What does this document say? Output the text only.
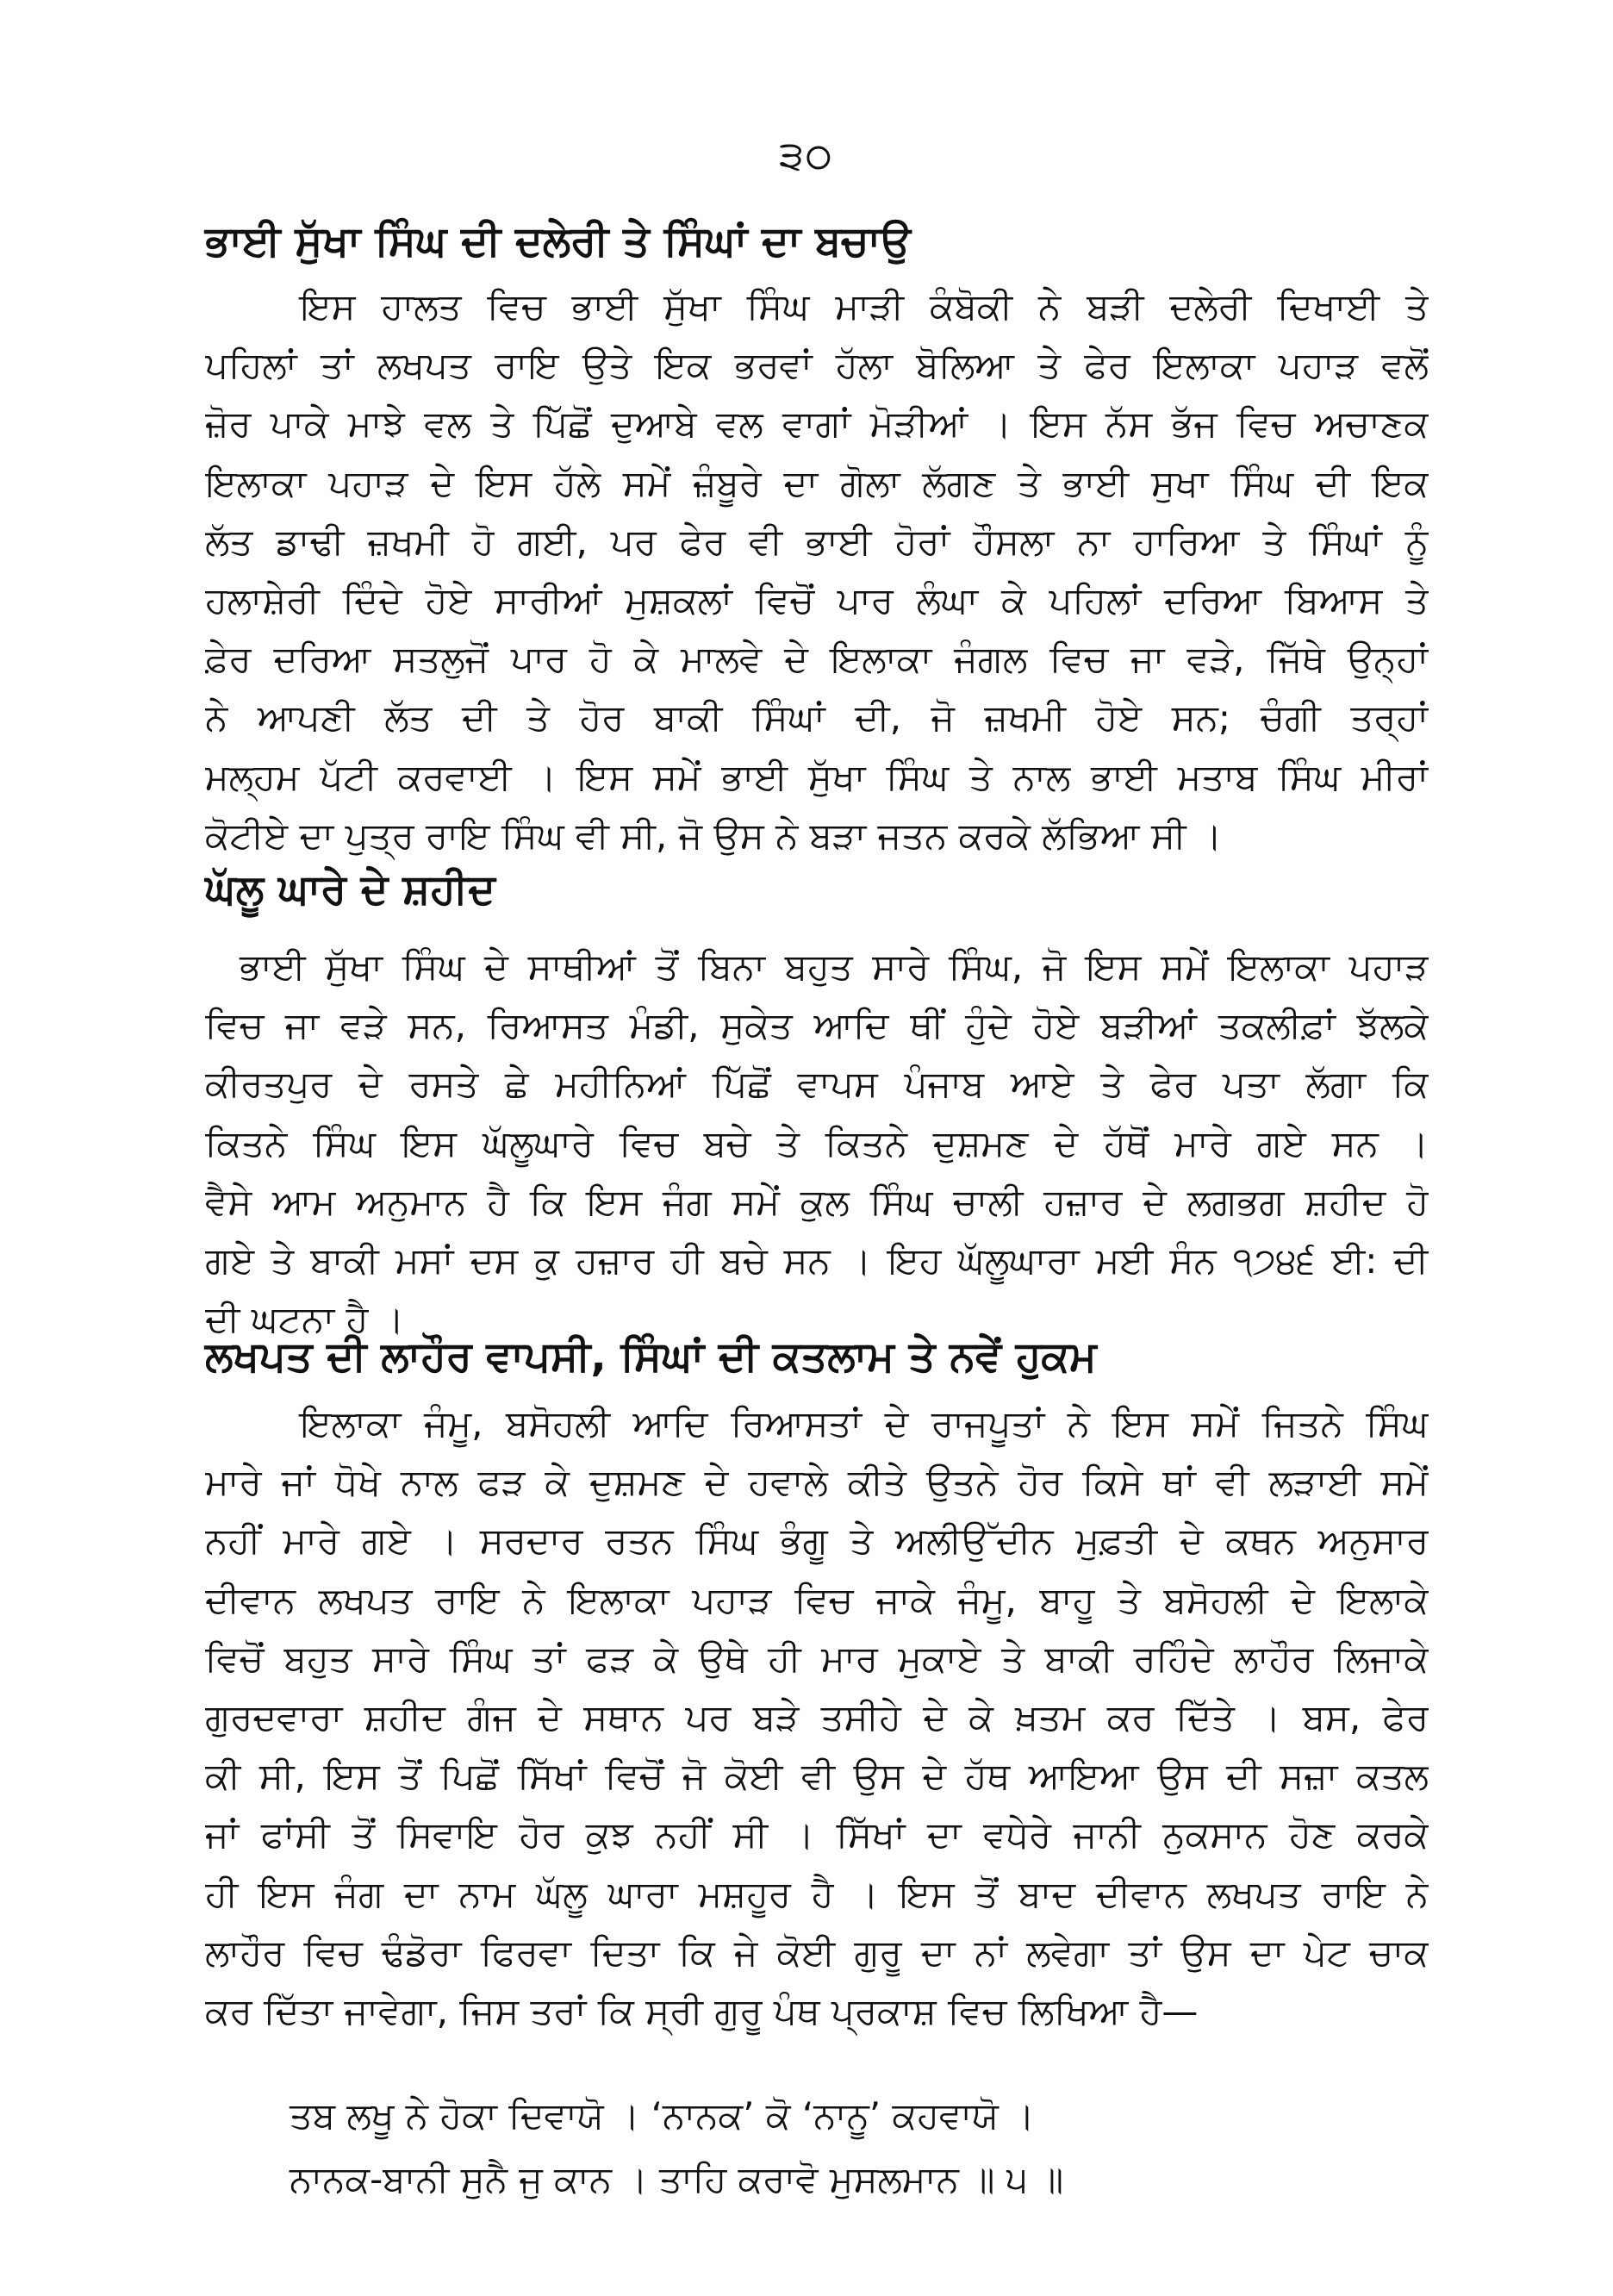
੩੦
ਭਾਈ ਸੁੱਖਾ ਸਿੰਘ ਦੀ ਦਲੇਰੀ ਤੇ ਸਿੰਘਾਂ ਦਾ ਬਚਾਉ
ਇਸ ਹਾਲਤ ਵਿਚ ਭਾਈ ਸੁੱਖਾ ਸਿੰਘ ਮਾੜੀ ਕੰਬੋਕੀ ਨੇ ਬੜੀ ਦਲੇਰੀ ਦਿਖਾਈ ਤੇ
ਪਹਿਲਾਂ ਤਾਂ ਲਖਪਤ ਰਾਇ ਉਤੇ ਇਕ ਭਰਵਾਂ ਹੱਲਾ ਬੋਲਿਆ ਤੇ ਫੇਰ ਇਲਾਕਾ ਪਹਾੜ ਵਲੋਂ
ਜ਼ੋਰ ਪਾਕੇ ਮਾਝੇ ਵਲ ਤੇ ਪਿੱਛੋਂ ਦੁਆਬੇ ਵਲ ਵਾਗਾਂ ਮੋੜੀਆਂ । ਇਸ ਨੱਸ ਭੱਜ ਵਿਚ ਅਚਾਣਕ
ਇਲਾਕਾ ਪਹਾੜ ਦੇ ਇਸ ਹੱਲੇ ਸਮੇਂ ਜ਼ੰਬੂਰੇ ਦਾ ਗੋਲਾ ਲੱਗਣ ਤੇ ਭਾਈ ਸੁਖਾ ਸਿੰਘ ਦੀ ਇਕ
ਲੱਤ ਡਾਢੀ ਜ਼ਖਮੀ ਹੋ ਗਈ, ਪਰ ਫੇਰ ਵੀ ਭਾਈ ਹੋਰਾਂ ਹੌਸਲਾ ਨਾ ਹਾਰਿਆ ਤੇ ਸਿੰਘਾਂ ਨੂੰ
ਹਲਾਸ਼ੇਰੀ ਦਿੰਦੇ ਹੋਏ ਸਾਰੀਆਂ ਮੁਸ਼ਕਲਾਂ ਵਿਚੋਂ ਪਾਰ ਲੰਘਾ ਕੇ ਪਹਿਲਾਂ ਦਰਿਆ ਬਿਆਸ ਤੇ
ਫ਼ੇਰ ਦਰਿਆ ਸਤਲੁਜੋਂ ਪਾਰ ਹੋ ਕੇ ਮਾਲਵੇ ਦੇ ਇਲਾਕਾ ਜੰਗਲ ਵਿਚ ਜਾ ਵੜੇ, ਜਿੱਥੇ ਉਨ੍ਹਾਂ
ਨੇ ਆਪਣੀ ਲੱਤ ਦੀ ਤੇ ਹੋਰ ਬਾਕੀ ਸਿੰਘਾਂ ਦੀ, ਜੋ ਜ਼ਖਮੀ ਹੋਏ ਸਨ; ਚੰਗੀ ਤਰ੍ਹਾਂ
ਮਲ੍ਹਮ ਪੱਟੀ ਕਰਵਾਈ । ਇਸ ਸਮੇਂ ਭਾਈ ਸੁੱਖਾ ਸਿੰਘ ਤੇ ਨਾਲ ਭਾਈ ਮਤਾਬ ਸਿੰਘ ਮੀਰਾਂ
ਕੋਟੀਏ ਦਾ ਪੁਤ੍ਰ ਰਾਇ ਸਿੰਘ ਵੀ ਸੀ, ਜੋ ਉਸ ਨੇ ਬੜਾ ਜਤਨ ਕਰਕੇ ਲੱਭਿਆ ਸੀ ।
ਘੱਲੂ ਘਾਰੇ ਦੇ ਸ਼ਹੀਦ
ਭਾਈ ਸੁੱਖਾ ਸਿੰਘ ਦੇ ਸਾਥੀਆਂ ਤੋਂ ਬਿਨਾ ਬਹੁਤ ਸਾਰੇ ਸਿੰਘ, ਜੋ ਇਸ ਸਮੇਂ ਇਲਾਕਾ ਪਹਾੜ
ਵਿਚ ਜਾ ਵੜੇ ਸਨ, ਰਿਆਸਤ ਮੰਡੀ, ਸੁਕੇਤ ਆਦਿ ਥੀਂ ਹੁੰਦੇ ਹੋਏ ਬੜੀਆਂ ਤਕਲੀਫ਼ਾਂ ਝੱਲਕੇ
ਕੀਰਤਪੁਰ ਦੇ ਰਸਤੇ ਛੇ ਮਹੀਨਿਆਂ ਪਿੱਛੋਂ ਵਾਪਸ ਪੰਜਾਬ ਆਏ ਤੇ ਫੇਰ ਪਤਾ ਲੱਗਾ ਕਿ
ਕਿਤਨੇ ਸਿੰਘ ਇਸ ਘੱਲੂਘਾਰੇ ਵਿਚ ਬਚੇ ਤੇ ਕਿਤਨੇ ਦੁਸ਼ਮਣ ਦੇ ਹੱਥੋਂ ਮਾਰੇ ਗਏ ਸਨ ।
ਵੈਸੇ ਆਮ ਅਨੁਮਾਨ ਹੈ ਕਿ ਇਸ ਜੰਗ ਸਮੇਂ ਕੁਲ ਸਿੰਘ ਚਾਲੀ ਹਜ਼ਾਰ ਦੇ ਲਗਭਗ ਸ਼ਹੀਦ ਹੋ
ਗਏ ਤੇ ਬਾਕੀ ਮਸਾਂ ਦਸ ਕੁ ਹਜ਼ਾਰ ਹੀ ਬਚੇ ਸਨ । ਇਹ ਘੱਲੂਘਾਰਾ ਮਈ ਸੰਨ ੧੭੪੬ ਈ: ਦੀ
ਦੀ ਘਟਨਾ ਹੈ ।
ਲਖਪਤ ਦੀ ਲਾਹੌਰ ਵਾਪਸੀ, ਸਿੰਘਾਂ ਦੀ ਕਤਲਾਮ ਤੇ ਨਵੇਂ ਹੁਕਮ
ਇਲਾਕਾ ਜੰਮੂ, ਬਸੋਹਲੀ ਆਦਿ ਰਿਆਸਤਾਂ ਦੇ ਰਾਜਪੂਤਾਂ ਨੇ ਇਸ ਸਮੇਂ ਜਿਤਨੇ ਸਿੰਘ
ਮਾਰੇ ਜਾਂ ਧੋਖੇ ਨਾਲ ਫੜ ਕੇ ਦੁਸ਼ਮਣ ਦੇ ਹਵਾਲੇ ਕੀਤੇ ਉਤਨੇ ਹੋਰ ਕਿਸੇ ਥਾਂ ਵੀ ਲੜਾਈ ਸਮੇਂ
ਨਹੀਂ ਮਾਰੇ ਗਏ । ਸਰਦਾਰ ਰਤਨ ਸਿੰਘ ਭੰਗੂ ਤੇ ਅਲੀਉੱਦੀਨ ਮੁਫ਼ਤੀ ਦੇ ਕਥਨ ਅਨੁਸਾਰ
ਦੀਵਾਨ ਲਖਪਤ ਰਾਇ ਨੇ ਇਲਾਕਾ ਪਹਾੜ ਵਿਚ ਜਾਕੇ ਜੰਮੂ, ਬਾਹੂ ਤੇ ਬਸੋਹਲੀ ਦੇ ਇਲਾਕੇ
ਵਿਚੋਂ ਬਹੁਤ ਸਾਰੇ ਸਿੰਘ ਤਾਂ ਫੜ ਕੇ ਉਥੇ ਹੀ ਮਾਰ ਮੁਕਾਏ ਤੇ ਬਾਕੀ ਰਹਿੰਦੇ ਲਾਹੌਰ ਲਿਜਾਕੇ
ਗੁਰਦਵਾਰਾ ਸ਼ਹੀਦ ਗੰਜ ਦੇ ਸਥਾਨ ਪਰ ਬੜੇ ਤਸੀਹੇ ਦੇ ਕੇ ਖ਼ਤਮ ਕਰ ਦਿੱਤੇ । ਬਸ, ਫੇਰ
ਕੀ ਸੀ, ਇਸ ਤੋਂ ਪਿਛੋਂ ਸਿੱਖਾਂ ਵਿਚੋਂ ਜੋ ਕੋਈ ਵੀ ਉਸ ਦੇ ਹੱਥ ਆਇਆ ਉਸ ਦੀ ਸਜ਼ਾ ਕਤਲ
ਜਾਂ ਫਾਂਸੀ ਤੋਂ ਸਿਵਾਇ ਹੋਰ ਕੁਝ ਨਹੀਂ ਸੀ । ਸਿੱਖਾਂ ਦਾ ਵਧੇਰੇ ਜਾਨੀ ਨੁਕਸਾਨ ਹੋਣ ਕਰਕੇ
ਹੀ ਇਸ ਜੰਗ ਦਾ ਨਾਮ ਘੱਲੂ ਘਾਰਾ ਮਸ਼ਹੂਰ ਹੈ । ਇਸ ਤੋਂ ਬਾਦ ਦੀਵਾਨ ਲਖਪਤ ਰਾਇ ਨੇ
ਲਾਹੌਰ ਵਿਚ ਢੰਡੋਰਾ ਫਿਰਵਾ ਦਿਤਾ ਕਿ ਜੇ ਕੋਈ ਗੁਰੂ ਦਾ ਨਾਂ ਲਵੇਗਾ ਤਾਂ ਉਸ ਦਾ ਪੇਟ ਚਾਕ
ਕਰ ਦਿੱਤਾ ਜਾਵੇਗਾ, ਜਿਸ ਤਰਾਂ ਕਿ ਸ੍ਰੀ ਗੁਰੂ ਪੰਥ ਪ੍ਰਕਾਸ਼ ਵਿਚ ਲਿਖਿਆ ਹੈ—
ਤਬ ਲਖੂ ਨੇ ਹੋਕਾ ਦਿਵਾਯੋ । ‘ਨਾਨਕ’ ਕੋ ‘ਨਾਨੂ’ ਕਹਵਾਯੋ ।
ਨਾਨਕ-ਬਾਨੀ ਸੁਨੈ ਜੁ ਕਾਨ । ਤਾਹਿ ਕਰਾਵੋ ਮੁਸਲਮਾਨ ॥ ੫ ॥
